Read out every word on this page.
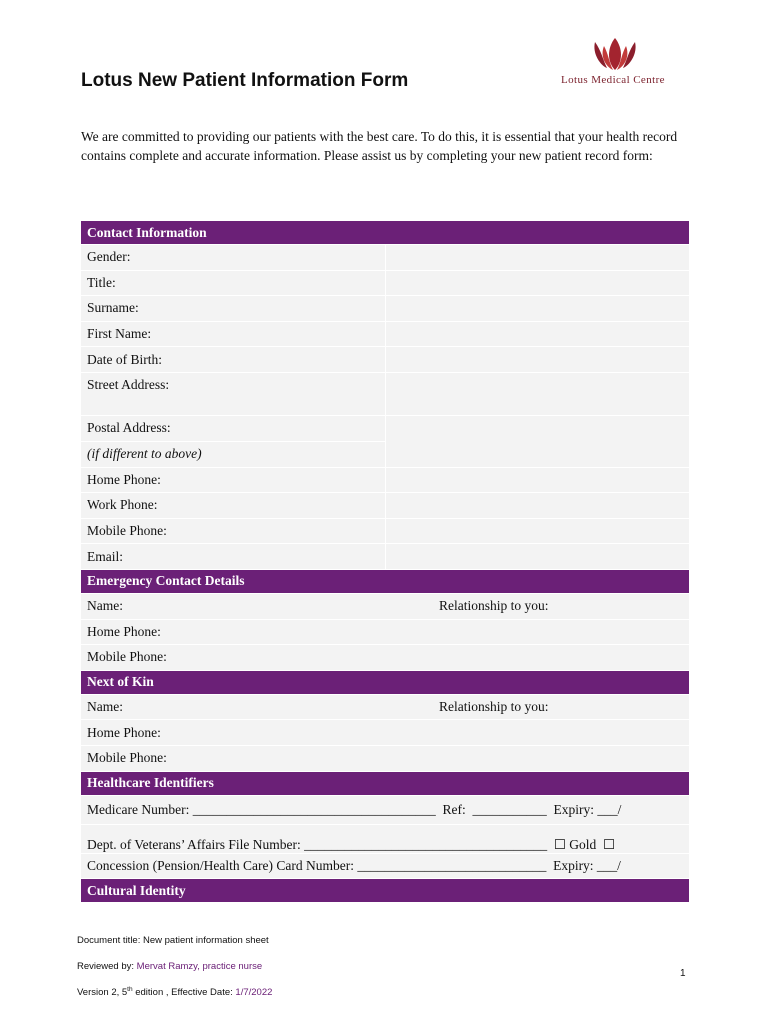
Lotus New Patient Information Form	Lotus Medical Centre

We are committed to providing our patients with the best care. To do this, it is essential that your health record contains complete and accurate information. Please assist us by completing your new patient record form:

Contact Information	
Gender:	
Title:	
Surname:	
First Name:	
Date of Birth:	
Street Address:	
Postal Address:	
(if different to above)	
Home Phone:	
Work Phone:	
Mobile Phone:	
Email:	
Emergency Contact Details	

Name: Relationship to you:	

Home Phone:	
Mobile Phone:	
Next of Kin	

Name: Relationship to you:	

Home Phone:	
Mobile Phone:	
Healthcare Identifiers	
Medicare Number: ____________________________________  Ref:  ___________  Expiry: ___/	
Dept. of Veterans’ Affairs File Number: ____________________________________  ☐ Gold  ☐	
Concession (Pension/Health Care) Card Number: ____________________________  Expiry: ___/	
Cultural Identity	
Document title: New patient information sheet
Reviewed by: Mervat Ramzy, practice nurse
Version 2, 5th edition , Effective Date: 1/7/2022
1
